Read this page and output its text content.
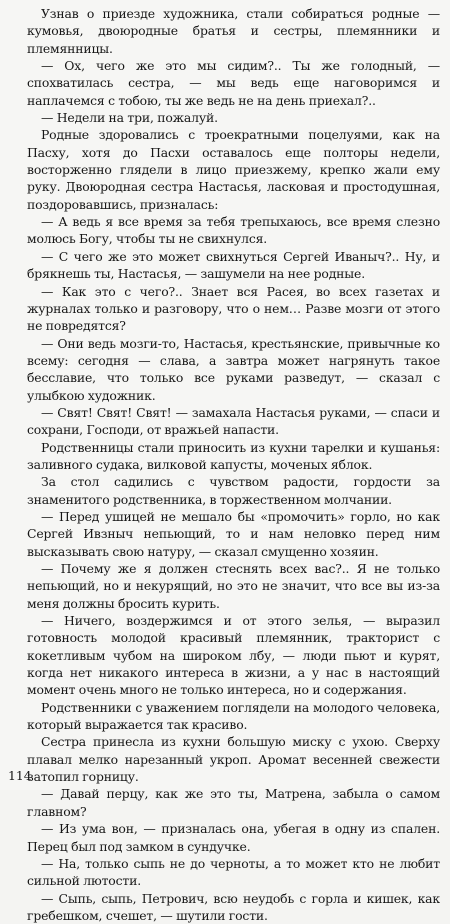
Узнав о приезде художника, стали собираться родные — кумовья, двоюродные братья и сестры, племянники и племянницы.

— Ох, чего же это мы сидим?.. Ты же голодный, — спохватилась сестра, — мы ведь еще наговоримся и наплачемся с тобою, ты же ведь не на день приехал?..

— Недели на три, пожалуй.

Родные здоровались с троекратными поцелуями, как на Пасху, хотя до Пасхи оставалось еще полторы недели, восторженно глядели в лицо приезжему, крепко жали ему руку. Двоюродная сестра Настасья, ласковая и простодушная, поздоровавшись, призналась:

— А ведь я все время за тебя трепыхаюсь, все время слезно молюсь Богу, чтобы ты не свихнулся.

— С чего же это может свихнуться Сергей Иваныч?.. Ну, и брякнешь ты, Настасья, — зашумели на нее родные.

— Как это с чего?.. Знает вся Расея, во всех газетах и журналах только и разговору, что о нем… Разве мозги от этого не повредятся?

— Они ведь мозги-то, Настасья, крестьянские, привычные ко всему: сегодня — слава, а завтра может нагрянуть такое бесславие, что только все руками разведут, — сказал с улыбкою художник.

— Свят! Свят! Свят! — замахала Настасья руками, — спаси и сохрани, Господи, от вражьей напасти.

Родственницы стали приносить из кухни тарелки и кушанья: заливного судака, вилковой капусты, моченых яблок.

За стол садились с чувством радости, гордости за знаменитого родственника, в торжественном молчании.

— Перед ушицей не мешало бы «промочить» горло, но как Сергей Ивзныч непьющий, то и нам неловко перед ним высказывать свою натуру, — сказал смущенно хозяин.

— Почему же я должен стеснять всех вас?.. Я не только непьющий, но и некурящий, но это не значит, что все вы из-за меня должны бросить курить.

— Ничего, воздержимся и от этого зелья, — выразил готовность молодой красивый племянник, тракторист с кокетливым чубом на широком лбу, — люди пьют и курят, когда нет никакого интереса в жизни, а у нас в настоящий момент очень много не только интереса, но и содержания.

Родственники с уважением поглядели на молодого человека, который выражается так красиво.

Сестра принесла из кухни большую миску с ухою. Сверху плавал мелко нарезанный укроп. Аромат весенней свежести затопил горницу.

— Давай перцу, как же это ты, Матрена, забыла о самом главном?

— Из ума вон, — призналась она, убегая в одну из спален. Перец был под замком в сундучке.

— На, только сыпь не до черноты, а то может кто не любит сильной лютости.

— Сыпь, сыпь, Петрович, всю неудобь с горла и кишек, как гребешком, счешет, — шутили гости.

114
